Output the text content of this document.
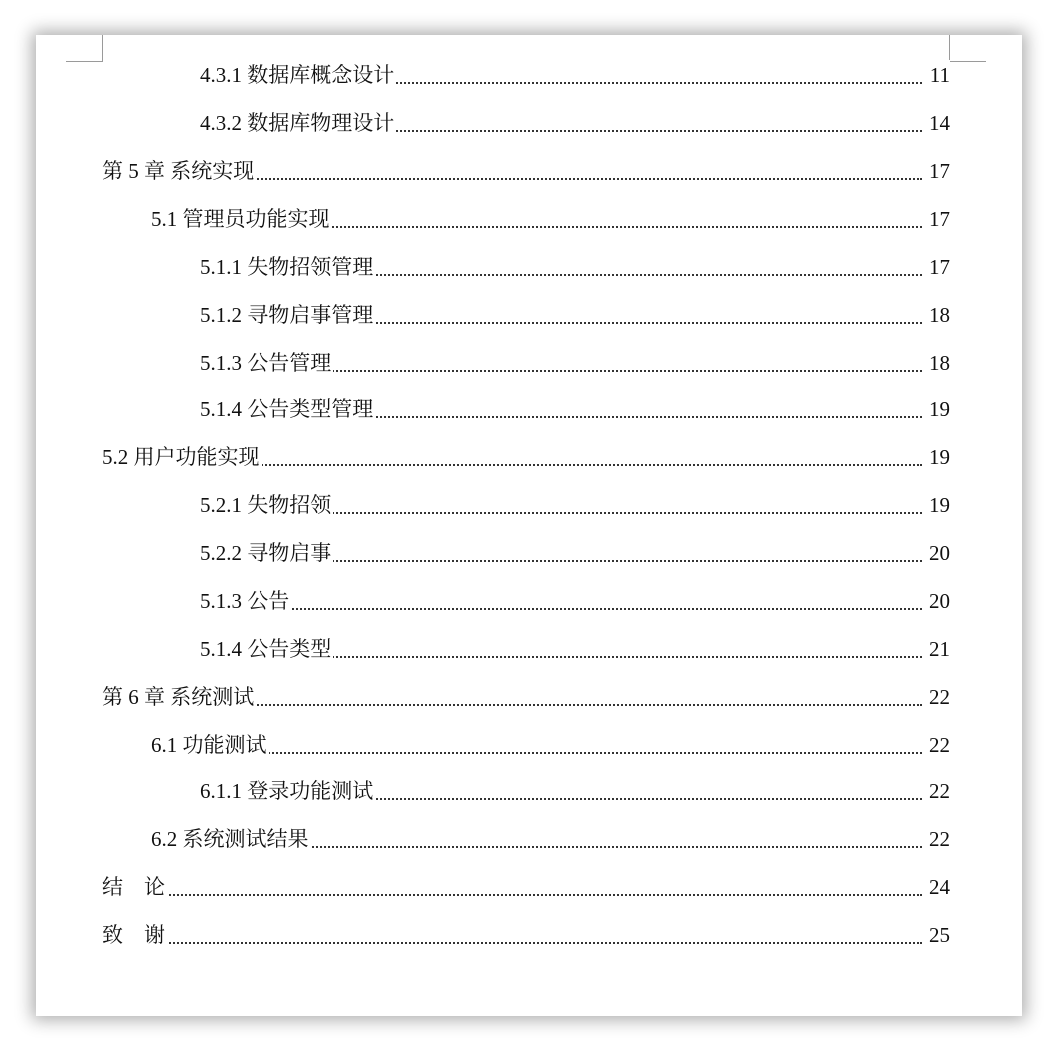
4.3.1 数据库概念设计	11
4.3.2 数据库物理设计	14
第 5 章 系统实现	17
5.1 管理员功能实现	17
5.1.1 失物招领管理	17
5.1.2 寻物启事管理	18
5.1.3 公告管理	18
5.1.4 公告类型管理	19
5.2 用户功能实现	19
5.2.1 失物招领	19
5.2.2 寻物启事	20
5.1.3 公告	20
5.1.4 公告类型	21
第 6 章 系统测试	22
6.1 功能测试	22
6.1.1 登录功能测试	22
6.2 系统测试结果	22
结    论	24
致    谢	25
